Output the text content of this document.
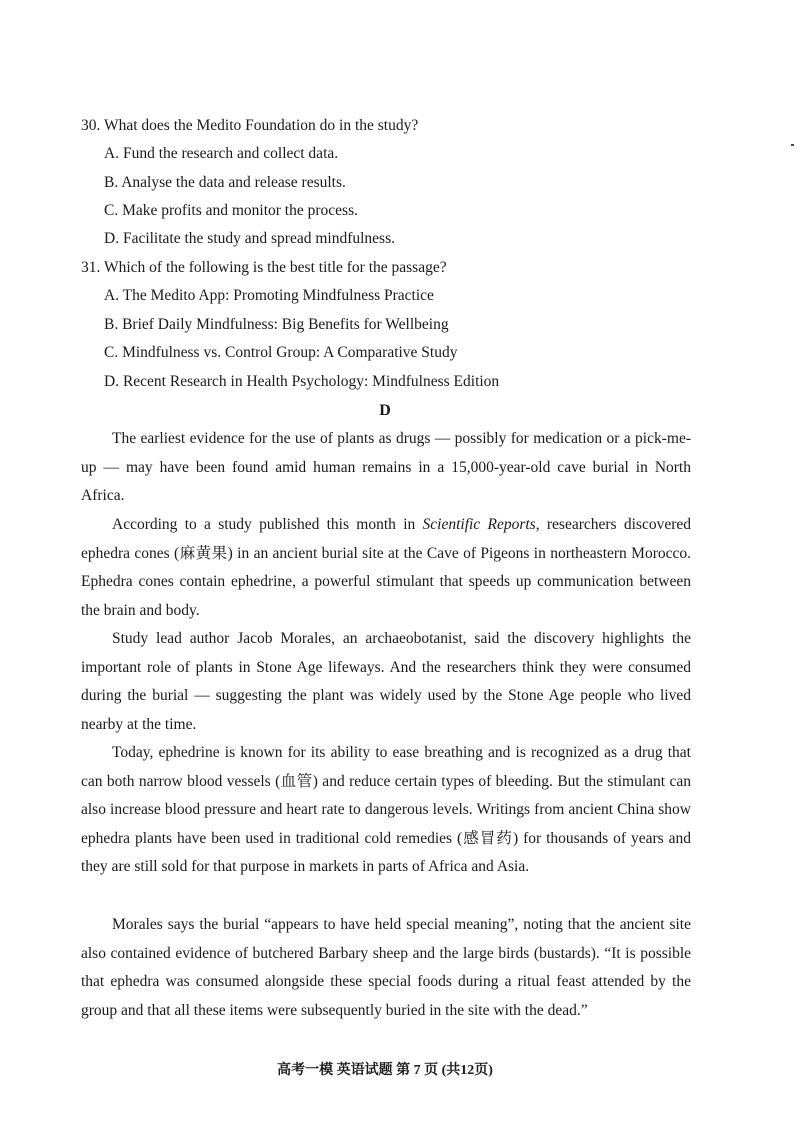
30. What does the Medito Foundation do in the study?
A. Fund the research and collect data.
B. Analyse the data and release results.
C. Make profits and monitor the process.
D. Facilitate the study and spread mindfulness.
31. Which of the following is the best title for the passage?
A. The Medito App: Promoting Mindfulness Practice
B. Brief Daily Mindfulness: Big Benefits for Wellbeing
C. Mindfulness vs. Control Group: A Comparative Study
D. Recent Research in Health Psychology: Mindfulness Edition
D

The earliest evidence for the use of plants as drugs — possibly for medication or a pick-me-up — may have been found amid human remains in a 15,000-year-old cave burial in North Africa.

According to a study published this month in Scientific Reports, researchers discovered ephedra cones (麻黄果) in an ancient burial site at the Cave of Pigeons in northeastern Morocco. Ephedra cones contain ephedrine, a powerful stimulant that speeds up communication between the brain and body.

Study lead author Jacob Morales, an archaeobotanist, said the discovery highlights the important role of plants in Stone Age lifeways. And the researchers think they were consumed during the burial — suggesting the plant was widely used by the Stone Age people who lived nearby at the time.

Today, ephedrine is known for its ability to ease breathing and is recognized as a drug that can both narrow blood vessels (血管) and reduce certain types of bleeding. But the stimulant can also increase blood pressure and heart rate to dangerous levels. Writings from ancient China show ephedra plants have been used in traditional cold remedies (感冒药) for thousands of years and they are still sold for that purpose in markets in parts of Africa and Asia.

Morales says the burial “appears to have held special meaning”, noting that the ancient site also contained evidence of butchered Barbary sheep and the large birds (bustards). “It is possible that ephedra was consumed alongside these special foods during a ritual feast attended by the group and that all these items were subsequently buried in the site with the dead.”

高考一模 英语试题 第 7 页 (共12页)
